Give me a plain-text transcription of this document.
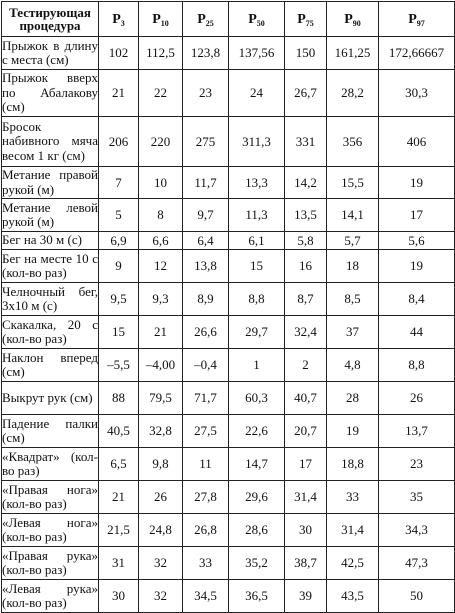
Тестирующая процедура	$P_3$	$P_{10}$	$P_{25}$	$P_{50}$	$P_{75}$	$P_{90}$	$P_{97}$
Прыжок в длину с места (см)	102	112,5	123,8	137,56	150	161,25	172,66667
Прыжок вверх по Абалакову (см)	21	22	23	24	26,7	28,2	30,3
Бросок набивного мяча весом 1 кг (см)	206	220	275	311,3	331	356	406
Метание правой рукой (м)	7	10	11,7	13,3	14,2	15,5	19
Метание левой рукой (м)	5	8	9,7	11,3	13,5	14,1	17
Бег на 30 м (с)	6,9	6,6	6,4	6,1	5,8	5,7	5,6
Бег на месте 10 с (кол-во раз)	9	12	13,8	15	16	18	19
Челночный бег, 3x10 м (с)	9,5	9,3	8,9	8,8	8,7	8,5	8,4
Скакалка, 20 с (кол-во раз)	15	21	26,6	29,7	32,4	37	44
Наклон вперед (см)	–5,5	–4,00	–0,4	1	2	4,8	8,8
Выкрут рук (см)	88	79,5	71,7	60,3	40,7	28	26
Падение палки (см)	40,5	32,8	27,5	22,6	20,7	19	13,7
«Квадрат» (кол-во раз)	6,5	9,8	11	14,7	17	18,8	23
«Правая нога» (кол-во раз)	21	26	27,8	29,6	31,4	33	35
«Левая нога» (кол-во раз)	21,5	24,8	26,8	28,6	30	31,4	34,3
«Правая рука» (кол-во раз)	31	32	33	35,2	38,7	42,5	47,3
«Левая рука» (кол-во раз)	30	32	34,5	36,5	39	43,5	50
